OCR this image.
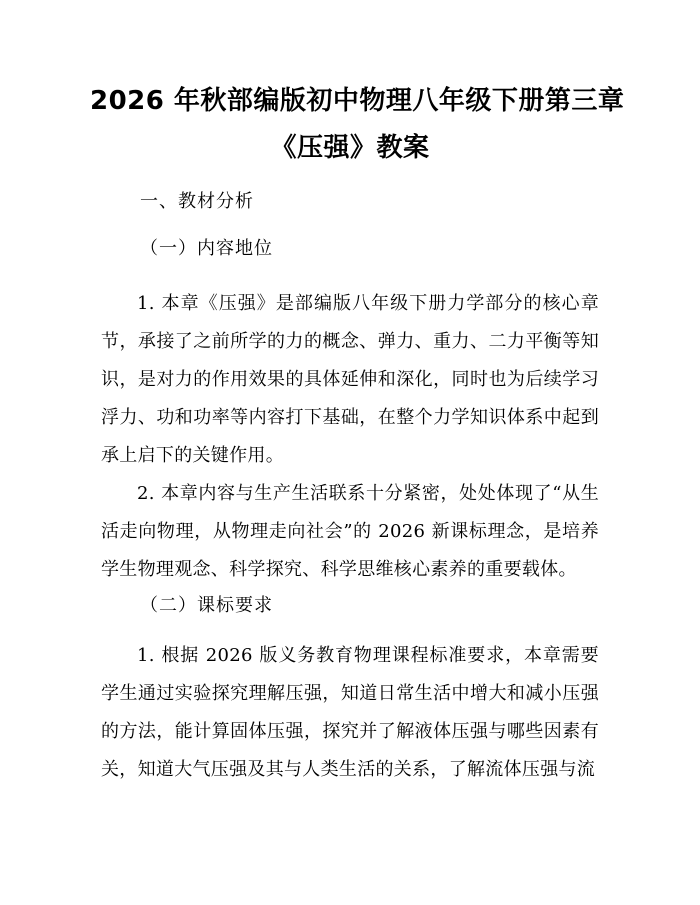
2026 年秋部编版初中物理八年级下册第三章
《压强》教案
一、教材分析
（一）内容地位

1. 本章《压强》是部编版八年级下册力学部分的核心章节，承接了之前所学的力的概念、弹力、重力、二力平衡等知识，是对力的作用效果的具体延伸和深化，同时也为后续学习浮力、功和功率等内容打下基础，在整个力学知识体系中起到承上启下的关键作用。

2. 本章内容与生产生活联系十分紧密，处处体现了“从生活走向物理，从物理走向社会”的 2026 新课标理念，是培养学生物理观念、科学探究、科学思维核心素养的重要载体。

（二）课标要求

1. 根据 2026 版义务教育物理课程标准要求，本章需要学生通过实验探究理解压强，知道日常生活中增大和减小压强的方法，能计算固体压强，探究并了解液体压强与哪些因素有关，知道大气压强及其与人类生活的关系，了解流体压强与流
